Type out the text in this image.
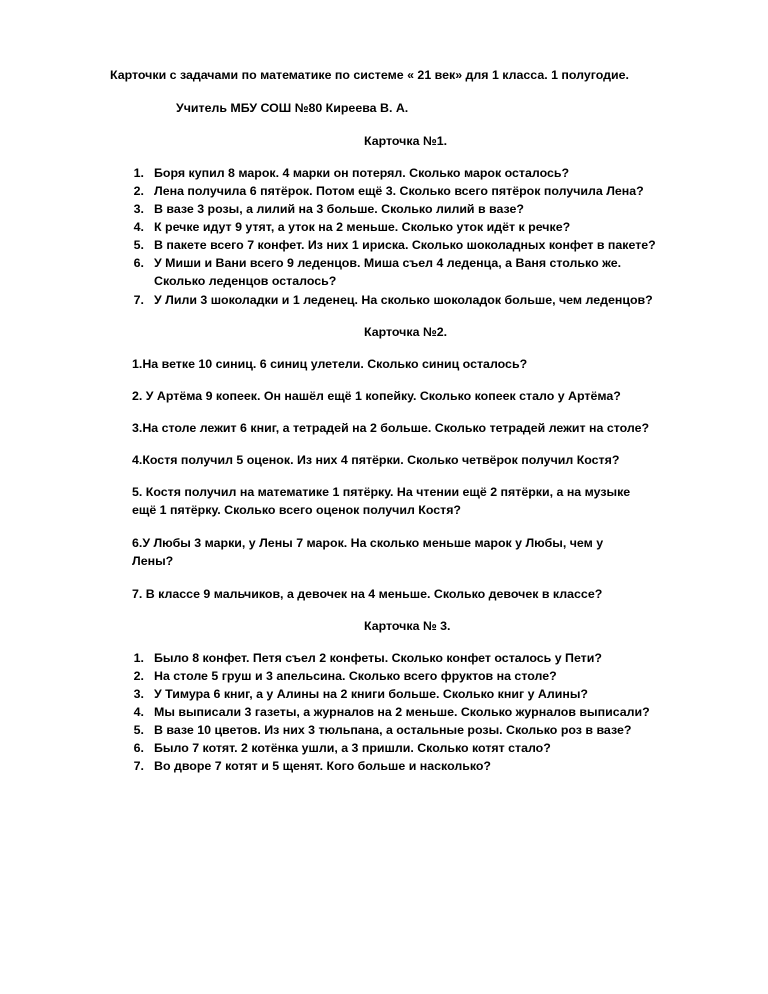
Карточки с задачами по математике по системе « 21 век» для 1 класса. 1 полугодие.
Учитель МБУ СОШ №80 Киреева В. А.
Карточка №1.
1. Боря купил 8 марок. 4 марки он потерял. Сколько марок осталось?
2. Лена получила 6 пятёрок. Потом ещё 3. Сколько всего пятёрок получила Лена?
3. В вазе 3 розы, а лилий на 3 больше. Сколько лилий в вазе?
4. К речке идут 9 утят, а уток на 2 меньше. Сколько уток идёт к речке?
5. В пакете всего 7 конфет. Из них 1 ириска. Сколько шоколадных конфет в пакете?
6. У Миши и Вани всего 9 леденцов. Миша съел 4 леденца, а Ваня столько же.
Сколько леденцов осталось?
7. У Лили 3 шоколадки и 1 леденец. На сколько шоколадок больше, чем леденцов?
Карточка №2.
1.На ветке 10 синиц. 6 синиц улетели. Сколько синиц осталось?
2. У Артёма 9 копеек. Он нашёл ещё 1 копейку. Сколько копеек стало у Артёма?
3.На столе лежит 6 книг, а тетрадей на 2 больше. Сколько тетрадей лежит на столе?
4.Костя получил 5 оценок. Из них 4 пятёрки. Сколько четвёрок получил Костя?
5. Костя получил на математике 1 пятёрку. На чтении ещё 2 пятёрки, а на музыке
ещё 1 пятёрку. Сколько всего оценок получил Костя?
6.У Любы 3 марки, у Лены 7 марок. На сколько меньше марок у Любы, чем у
Лены?
7. В классе 9 мальчиков, а девочек на 4 меньше. Сколько девочек в классе?
Карточка № 3.
1. Было 8 конфет. Петя съел 2 конфеты. Сколько конфет осталось у Пети?
2. На столе 5 груш и 3 апельсина. Сколько всего фруктов на столе?
3. У Тимура 6 книг, а у Алины на 2 книги больше. Сколько книг у Алины?
4. Мы выписали 3 газеты, а журналов на 2 меньше. Сколько журналов выписали?
5. В вазе 10 цветов. Из них 3 тюльпана, а остальные розы. Сколько роз в вазе?
6. Было 7 котят. 2 котёнка ушли, а 3 пришли. Сколько котят стало?
7. Во дворе 7 котят и 5 щенят. Кого больше и насколько?
